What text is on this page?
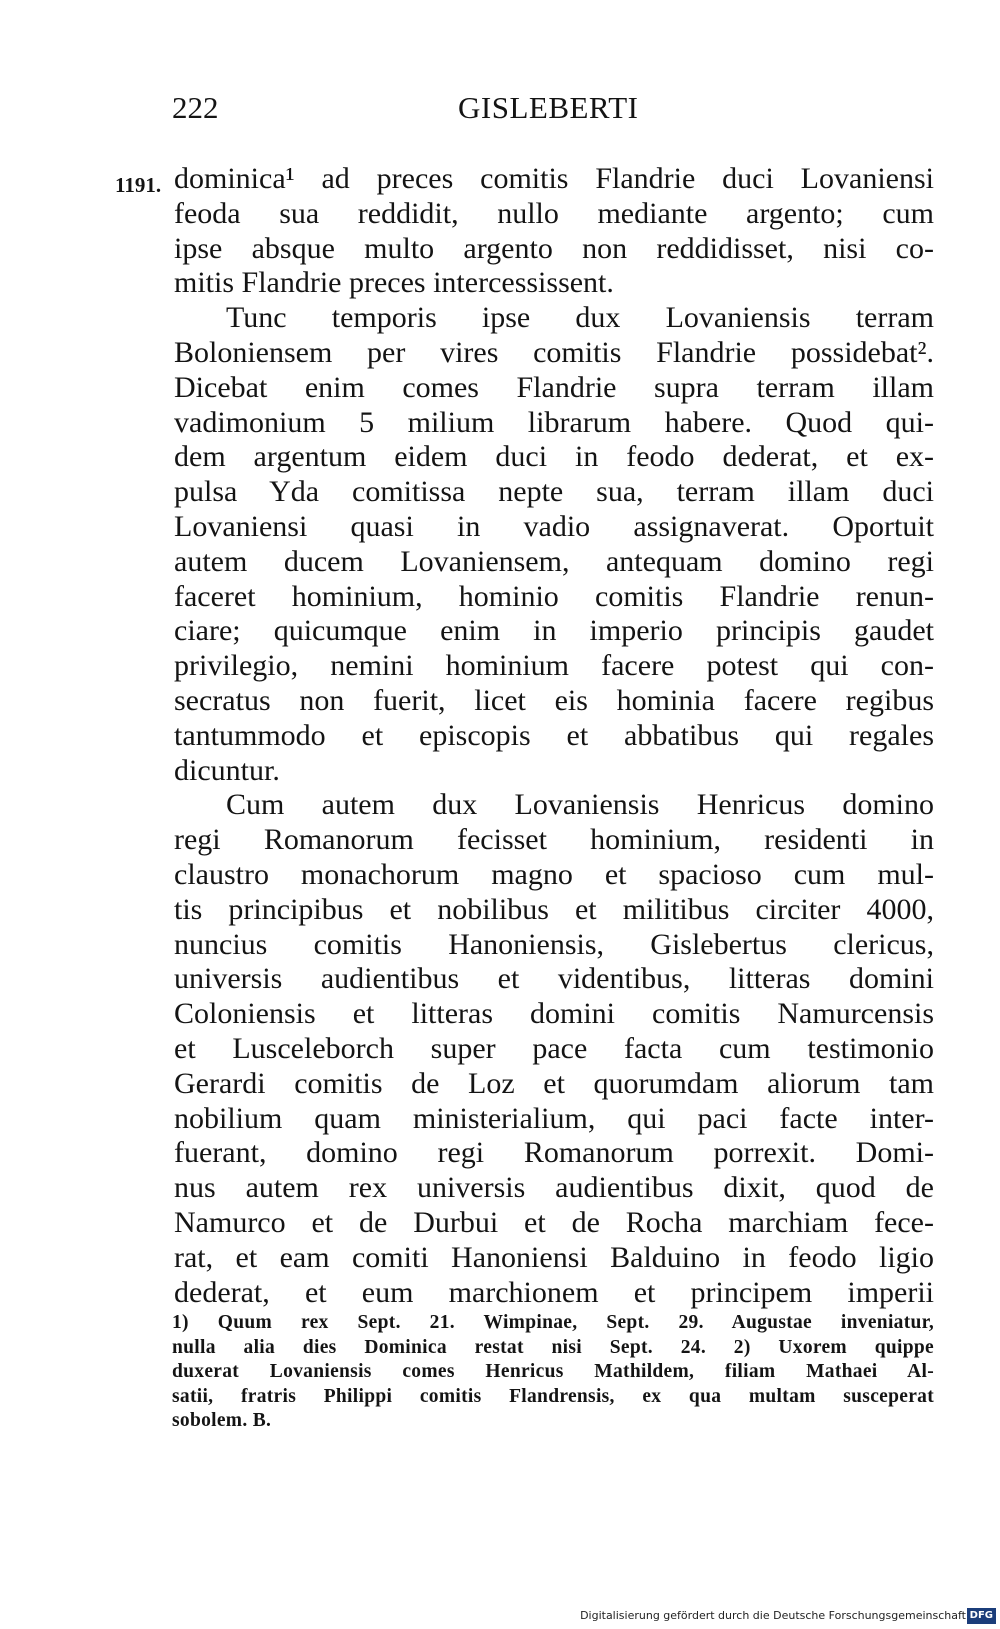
222	GISLEBERTI
1191. dominica¹ ad preces comitis Flandrie duci Lovaniensi
feoda sua reddidit, nullo mediante argento; cum
ipse absque multo argento non reddidisset, nisi co-
mitis Flandrie preces intercessissent.
Tunc temporis ipse dux Lovaniensis terram
Boloniensem per vires comitis Flandrie possidebat².
Dicebat enim comes Flandrie supra terram illam
vadimonium 5 milium librarum habere. Quod qui-
dem argentum eidem duci in feodo dederat, et ex-
pulsa Yda comitissa nepte sua, terram illam duci
Lovaniensi quasi in vadio assignaverat. Oportuit
autem ducem Lovaniensem, antequam domino regi
faceret hominium, hominio comitis Flandrie renun-
ciare; quicumque enim in imperio principis gaudet
privilegio, nemini hominium facere potest qui con-
secratus non fuerit, licet eis hominia facere regibus
tantummodo et episcopis et abbatibus qui regales
dicuntur.
Cum autem dux Lovaniensis Henricus domino
regi Romanorum fecisset hominium, residenti in
claustro monachorum magno et spacioso cum mul-
tis principibus et nobilibus et militibus circiter 4000,
nuncius comitis Hanoniensis, Gislebertus clericus,
universis audientibus et videntibus, litteras domini
Coloniensis et litteras domini comitis Namurcensis
et Lusceleborch super pace facta cum testimonio
Gerardi comitis de Loz et quorumdam aliorum tam
nobilium quam ministerialium, qui paci facte inter-
fuerant, domino regi Romanorum porrexit. Domi-
nus autem rex universis audientibus dixit, quod de
Namurco et de Durbui et de Rocha marchiam fece-
rat, et eam comiti Hanoniensi Balduino in feodo ligio
dederat, et eum marchionem et principem imperii
1) Quum rex Sept. 21. Wimpinae, Sept. 29. Augustae inveniatur,
nulla alia dies Dominica restat nisi Sept. 24. 2) Uxorem quippe
duxerat Lovaniensis comes Henricus Mathildem, filiam Mathaei Al-
satii, fratris Philippi comitis Flandrensis, ex qua multam susceperat
sobolem. B.
Digitalisierung gefördert durch die Deutsche Forschungsgemeinschaft DFG
